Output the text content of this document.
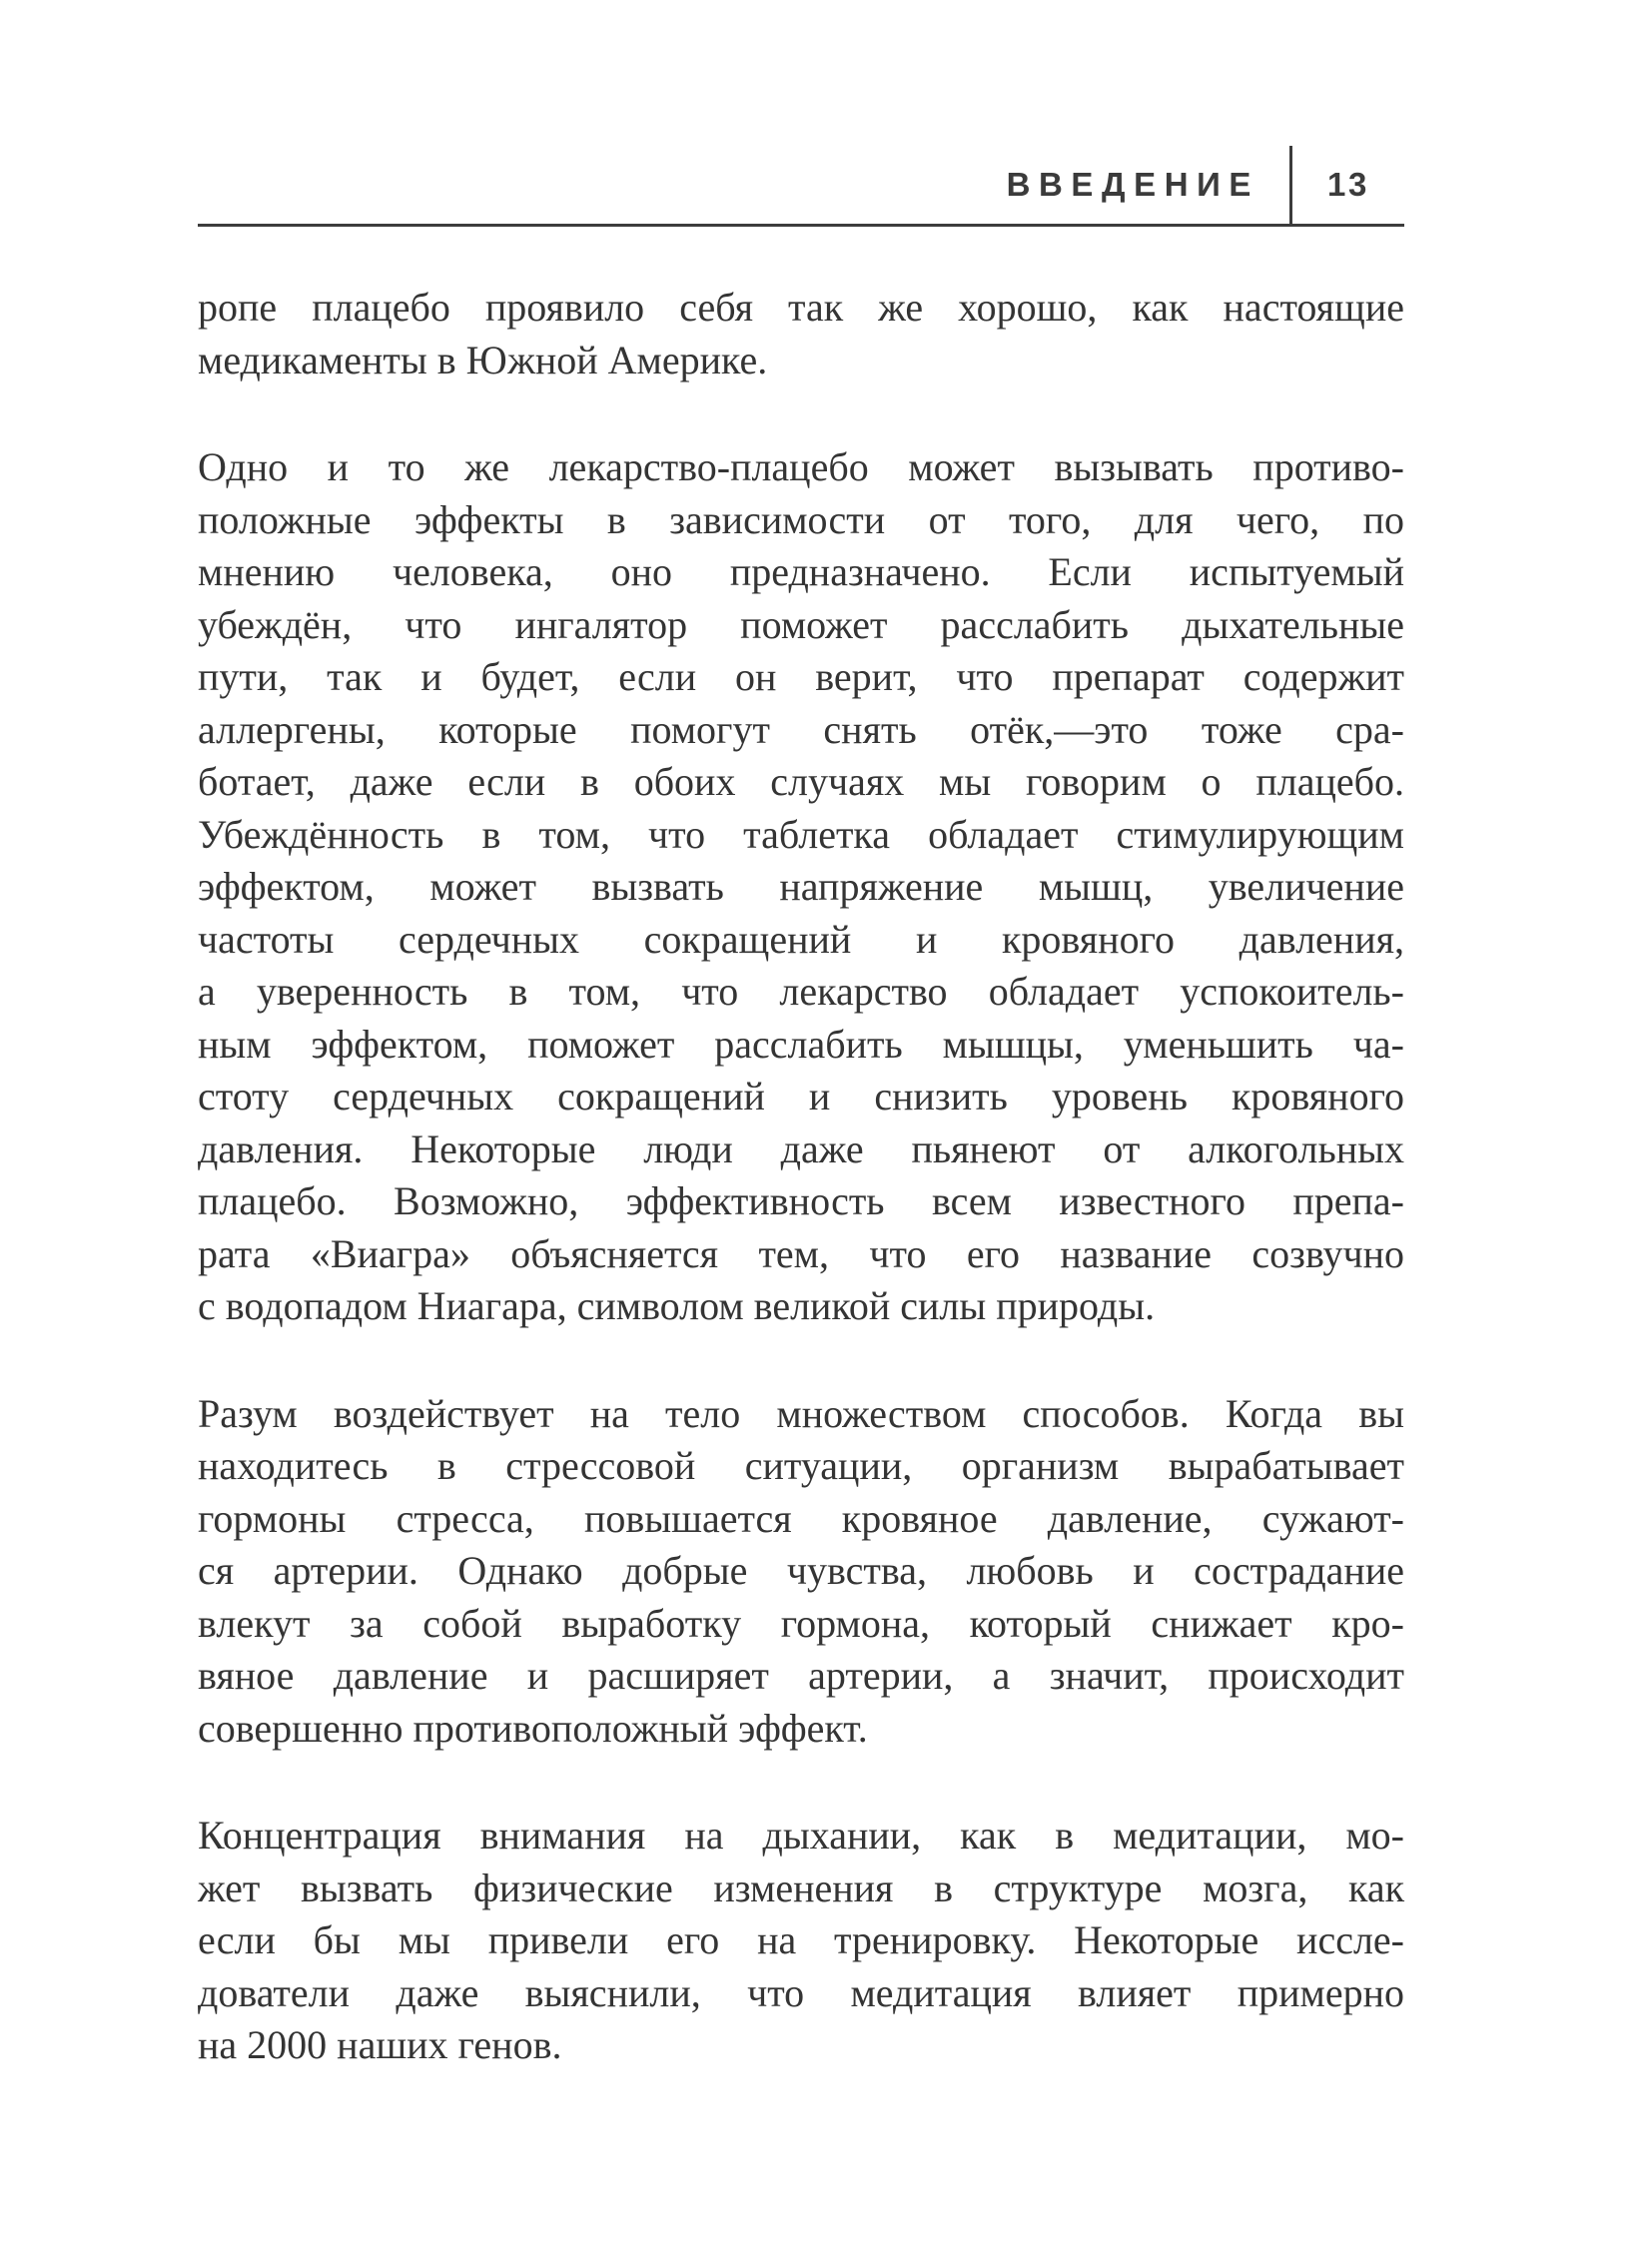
ВВЕДЕНИЕ	13
ропе плацебо проявило себя так же хорошо, как настоящие
медикаменты в Южной Америке.
Одно и то же лекарство-плацебо может вызывать противо-
положные эффекты в зависимости от того, для чего, по
мнению человека, оно предназначено. Если испытуемый
убеждён, что ингалятор поможет расслабить дыхательные
пути, так и будет, если он верит, что препарат содержит
аллергены, которые помогут снять отёк,—это тоже сра-
ботает, даже если в обоих случаях мы говорим о плацебо.
Убеждённость в том, что таблетка обладает стимулирующим
эффектом, может вызвать напряжение мышц, увеличение
частоты сердечных сокращений и кровяного давления,
а уверенность в том, что лекарство обладает успокоитель-
ным эффектом, поможет расслабить мышцы, уменьшить ча-
стоту сердечных сокращений и снизить уровень кровяного
давления. Некоторые люди даже пьянеют от алкогольных
плацебо. Возможно, эффективность всем известного препа-
рата «Виагра» объясняется тем, что его название созвучно
с водопадом Ниагара, символом великой силы природы.
Разум воздействует на тело множеством способов. Когда вы
находитесь в стрессовой ситуации, организм вырабатывает
гормоны стресса, повышается кровяное давление, сужают-
ся артерии. Однако добрые чувства, любовь и сострадание
влекут за собой выработку гормона, который снижает кро-
вяное давление и расширяет артерии, а значит, происходит
совершенно противоположный эффект.
Концентрация внимания на дыхании, как в медитации, мо-
жет вызвать физические изменения в структуре мозга, как
если бы мы привели его на тренировку. Некоторые иссле-
дователи даже выяснили, что медитация влияет примерно
на 2000 наших генов.
